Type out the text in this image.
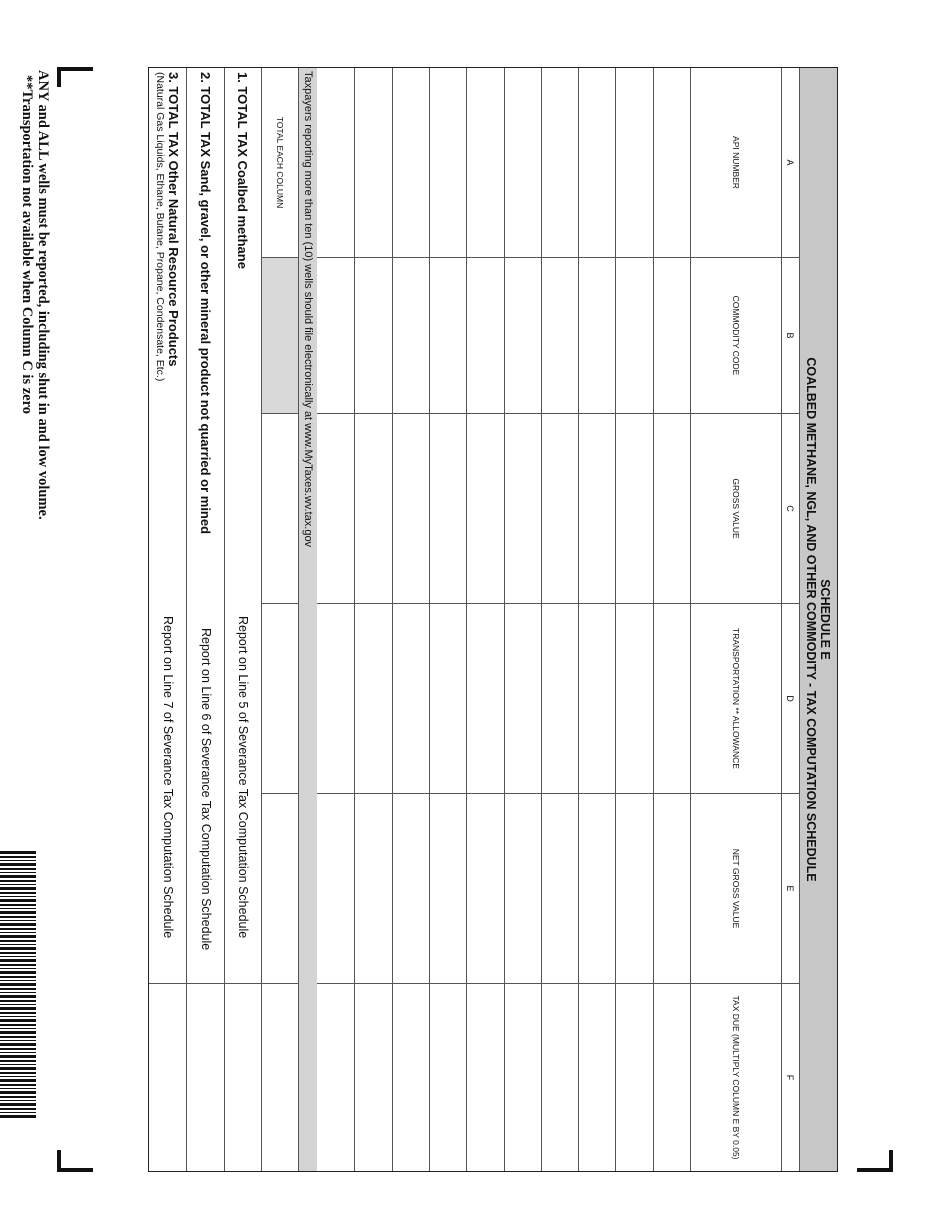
SCHEDULE E
COALBED METHANE, NGL, AND OTHER COMMODITY - TAX COMPUTATION SCHEDULE
A
B
C
D
E
F
API NUMBER
COMMODITY CODE
GROSS VALUE
TRANSPORTATION ** ALLOWANCE
NET GROSS VALUE
TAX DUE (MULTIPLY COLUMN E BY 0.05)
Taxpayers reporting more than ten (10) wells should file electronically at www.MyTaxes.wv.tax.gov
TOTAL EACH COLUMN
1. TOTAL TAX Coalbed methane
Report on Line 5 of Severance Tax Computation Schedule
2. TOTAL TAX Sand, gravel, or other mineral product not quarried or mined
Report on Line 6 of Severance Tax Computation Schedule
3. TOTAL TAX Other Natural Resource Products
(Natural Gas Liquids, Ethane, Butane, Propane, Condensate, Etc.)
Report on Line 7 of Severance Tax Computation Schedule
ANY and ALL wells must be reported, including shut in and low volume.
**Transportation not available when Column C is zero
